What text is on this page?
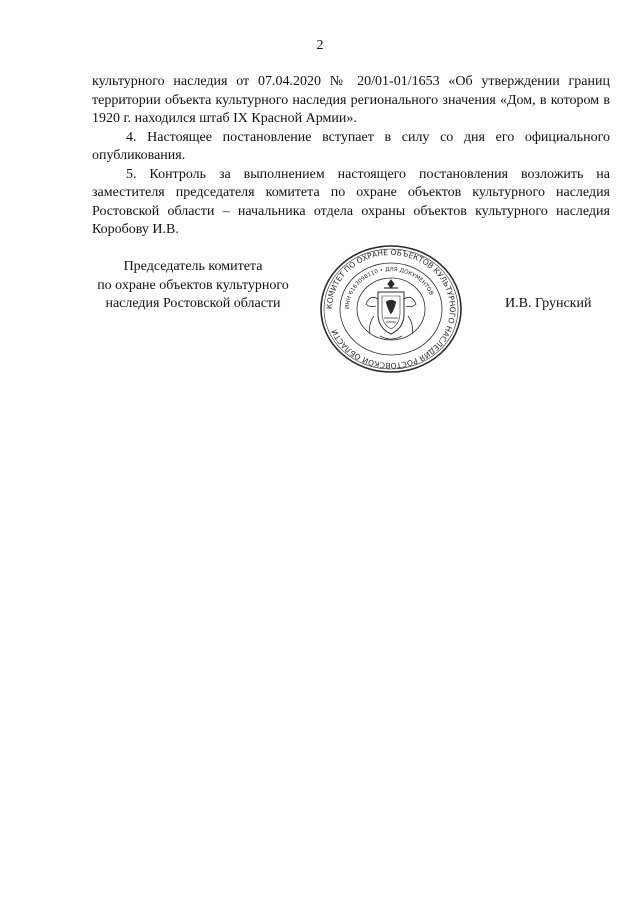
2

культурного наследия от 07.04.2020 № 20/01-01/1653 «Об утверждении границ территории объекта культурного наследия регионального значения «Дом, в котором в 1920 г. находился штаб IX Красной Армии».

4. Настоящее постановление вступает в силу со дня его официального опубликования.

5. Контроль за выполнением настоящего постановления возложить на заместителя председателя комитета по охране объектов культурного наследия Ростовской области – начальника отдела охраны объектов культурного наследия Коробову И.В.

Председатель комитета
по охране объектов культурного
наследия Ростовской области	КОМИТЕТ ПО ОХРАНЕ ОБЪЕКТОВ КУЛЬТУРНОГО НАСЛЕДИЯ РОСТОВСКОЙ ОБЛАСТИ
ИНН 6163098110 • ДЛЯ ДОКУМЕНТОВ
И.В. Грунский
